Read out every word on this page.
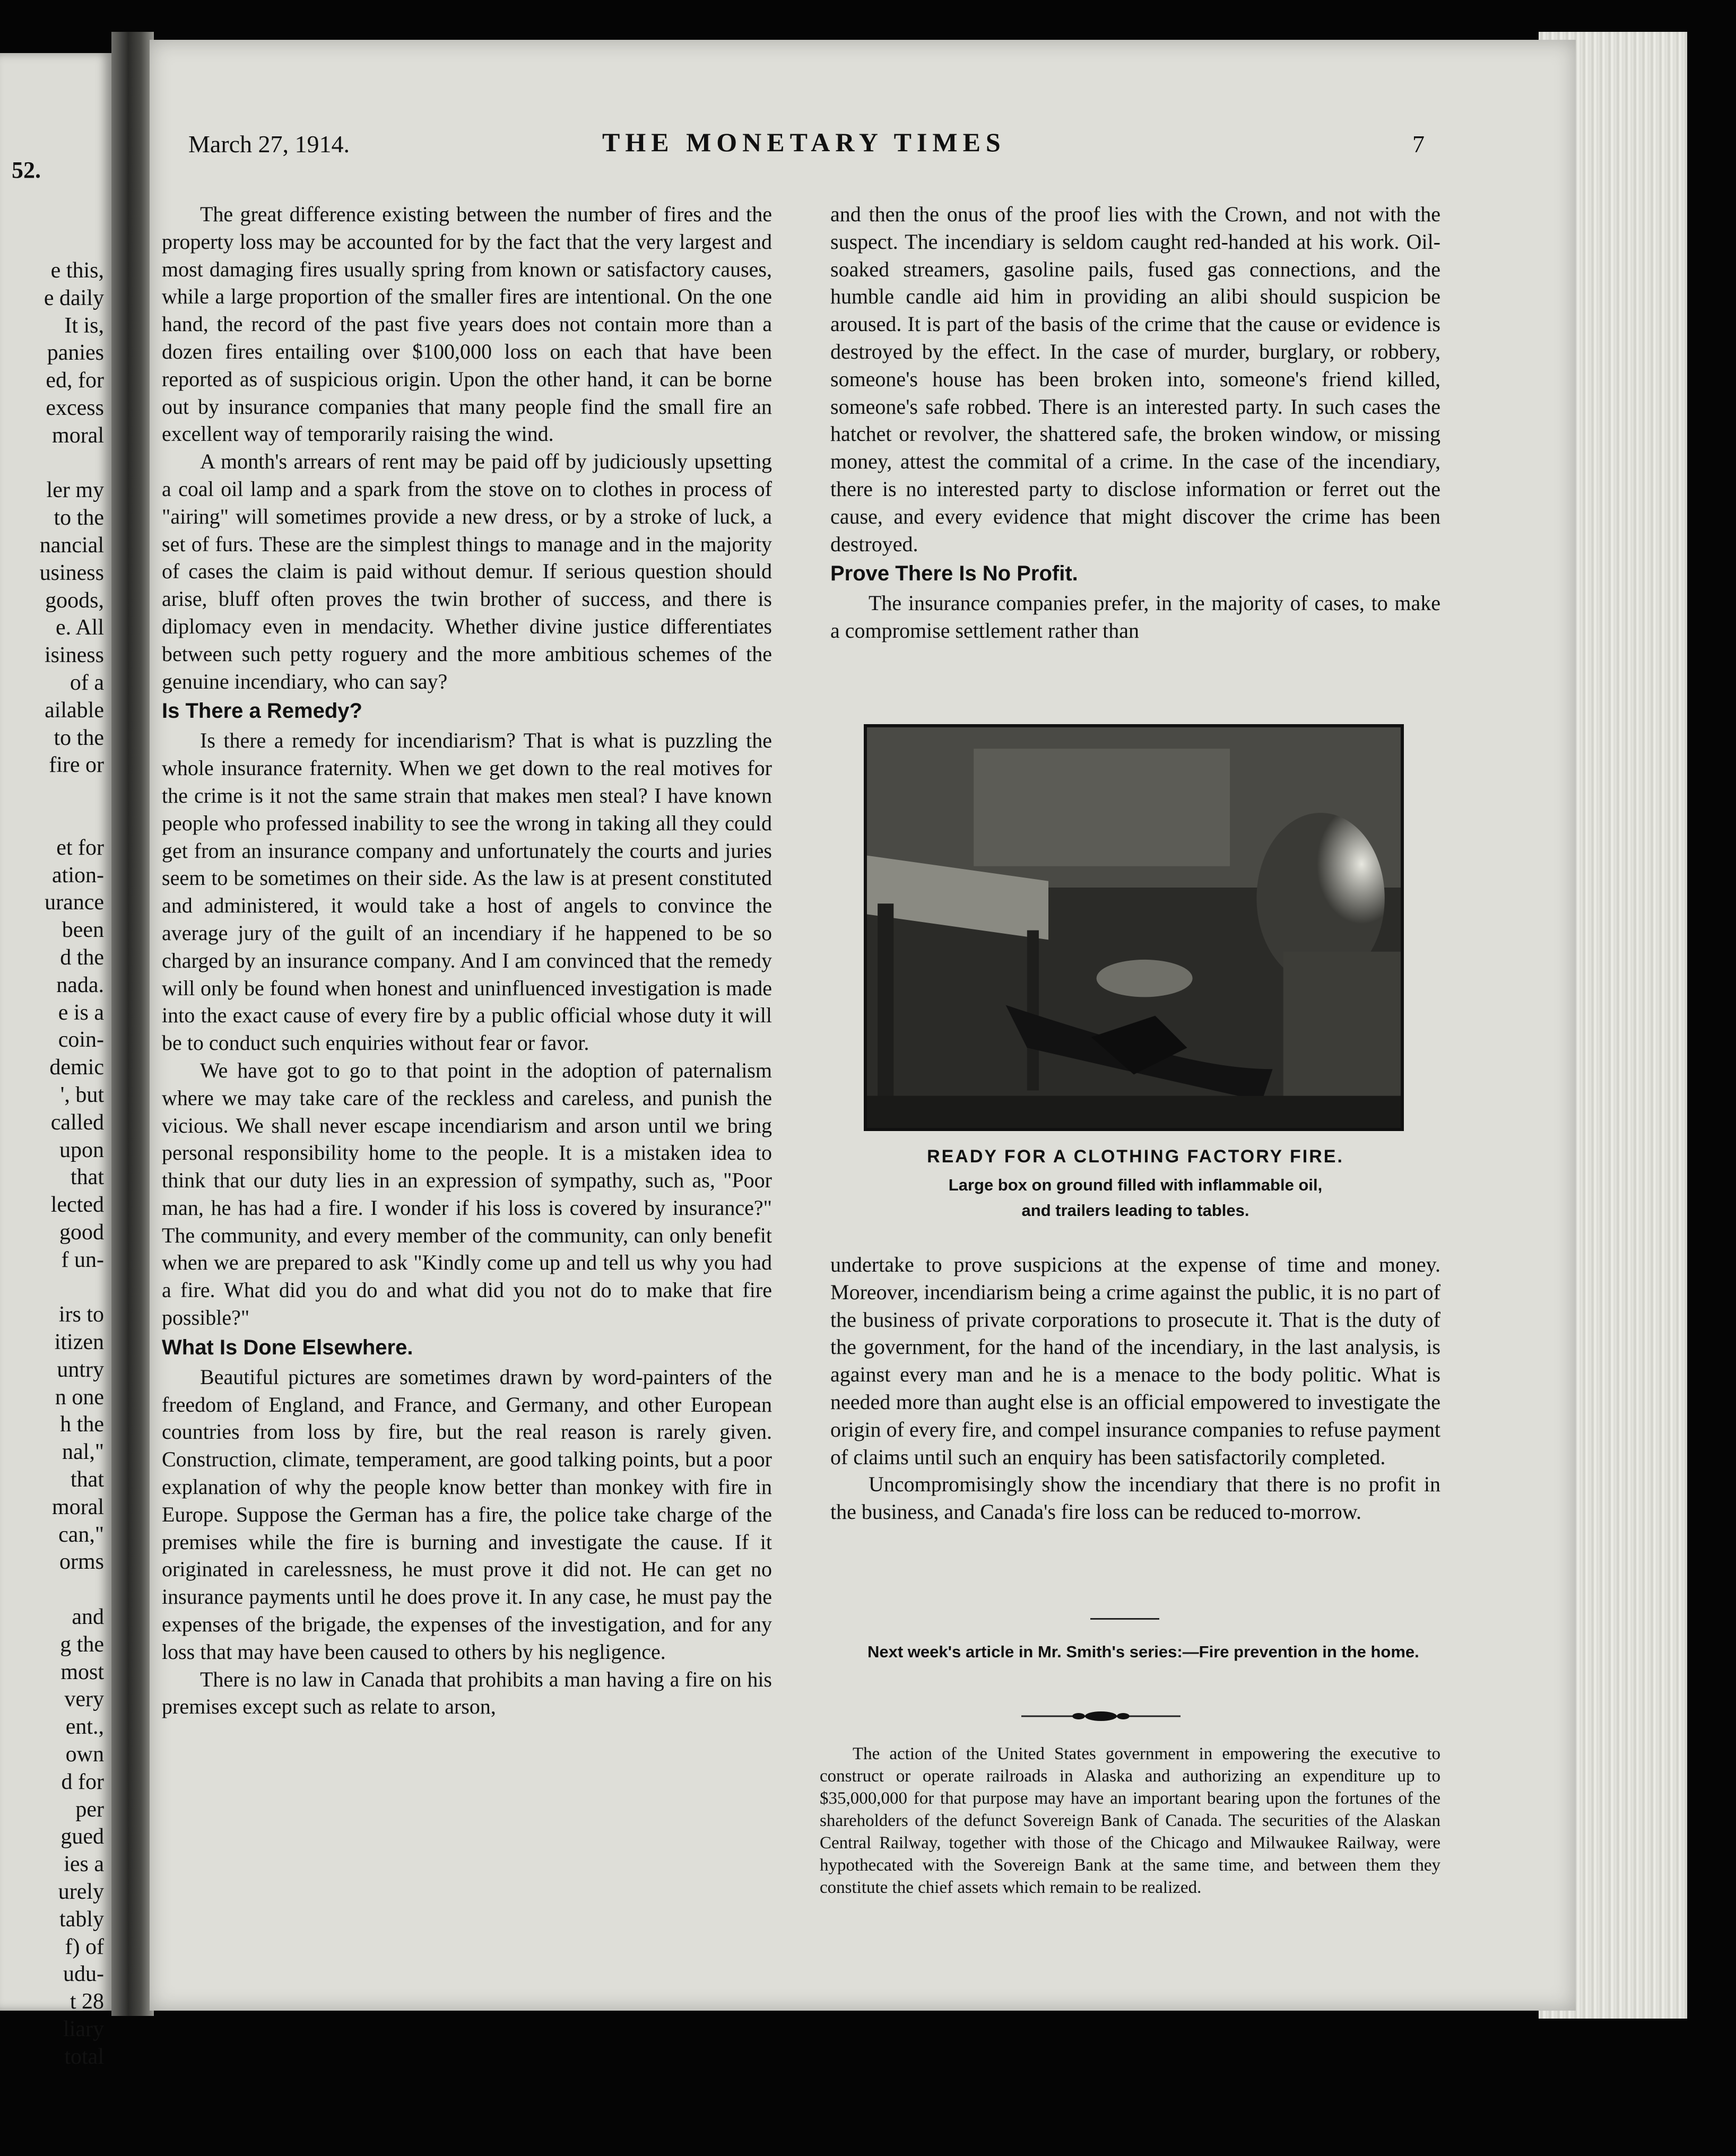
52.
e this,
e daily
It is,
panies
ed, for
excess
moral

ler my
to the
nancial
usiness
goods,
e. All
isiness
of a
ailable
to the
fire or

et for
ation-
urance
been
d the
nada.
e is a
coin-
demic
', but
called
upon
that
lected
good
f un-

irs to
itizen
untry
n one
h the
nal,"
that
moral
can,"
orms

and
g the
most
very
ent.,
own
d for
per
gued
ies a
urely
tably
f) of
udu-
t 28
liary
total
March 27, 1914.	THE MONETARY TIMES	7

The great difference existing between the number of fires and the property loss may be accounted for by the fact that the very largest and most damaging fires usually spring from known or satisfactory causes, while a large proportion of the smaller fires are intentional. On the one hand, the record of the past five years does not contain more than a dozen fires entailing over $100,000 loss on each that have been reported as of suspicious origin. Upon the other hand, it can be borne out by insurance companies that many people find the small fire an excellent way of temporarily raising the wind.

A month's arrears of rent may be paid off by judiciously upsetting a coal oil lamp and a spark from the stove on to clothes in process of "airing" will sometimes provide a new dress, or by a stroke of luck, a set of furs. These are the simplest things to manage and in the majority of cases the claim is paid without demur. If serious question should arise, bluff often proves the twin brother of success, and there is diplomacy even in mendacity. Whether divine justice differentiates between such petty roguery and the more ambitious schemes of the genuine incendiary, who can say?

Is There a Remedy?

Is there a remedy for incendiarism? That is what is puzzling the whole insurance fraternity. When we get down to the real motives for the crime is it not the same strain that makes men steal? I have known people who professed inability to see the wrong in taking all they could get from an insurance company and unfortunately the courts and juries seem to be sometimes on their side. As the law is at present constituted and administered, it would take a host of angels to convince the average jury of the guilt of an incendiary if he happened to be so charged by an insurance company. And I am convinced that the remedy will only be found when honest and uninfluenced investigation is made into the exact cause of every fire by a public official whose duty it will be to conduct such enquiries without fear or favor.

We have got to go to that point in the adoption of paternalism where we may take care of the reckless and careless, and punish the vicious. We shall never escape incendiarism and arson until we bring personal responsibility home to the people. It is a mistaken idea to think that our duty lies in an expression of sympathy, such as, "Poor man, he has had a fire. I wonder if his loss is covered by insurance?" The community, and every member of the community, can only benefit when we are prepared to ask "Kindly come up and tell us why you had a fire. What did you do and what did you not do to make that fire possible?"

What Is Done Elsewhere.

Beautiful pictures are sometimes drawn by word-painters of the freedom of England, and France, and Germany, and other European countries from loss by fire, but the real reason is rarely given. Construction, climate, temperament, are good talking points, but a poor explanation of why the people know better than monkey with fire in Europe. Suppose the German has a fire, the police take charge of the premises while the fire is burning and investigate the cause. If it originated in carelessness, he must prove it did not. He can get no insurance payments until he does prove it. In any case, he must pay the expenses of the brigade, the expenses of the investigation, and for any loss that may have been caused to others by his negligence.

There is no law in Canada that prohibits a man having a fire on his premises except such as relate to arson,

and then the onus of the proof lies with the Crown, and not with the suspect. The incendiary is seldom caught red-handed at his work. Oil-soaked streamers, gasoline pails, fused gas connections, and the humble candle aid him in providing an alibi should suspicion be aroused. It is part of the basis of the crime that the cause or evidence is destroyed by the effect. In the case of murder, burglary, or robbery, someone's house has been broken into, someone's friend killed, someone's safe robbed. There is an interested party. In such cases the hatchet or revolver, the shattered safe, the broken window, or missing money, attest the commital of a crime. In the case of the incendiary, there is no interested party to disclose information or ferret out the cause, and every evidence that might discover the crime has been destroyed.

Prove There Is No Profit.

The insurance companies prefer, in the majority of cases, to make a compromise settlement rather than

READY FOR A CLOTHING FACTORY FIRE.
Large box on ground filled with inflammable oil,
and trailers leading to tables.

undertake to prove suspicions at the expense of time and money. Moreover, incendiarism being a crime against the public, it is no part of the business of private corporations to prosecute it. That is the duty of the government, for the hand of the incendiary, in the last analysis, is against every man and he is a menace to the body politic. What is needed more than aught else is an official empowered to investigate the origin of every fire, and compel insurance companies to refuse payment of claims until such an enquiry has been satisfactorily completed.

Uncompromisingly show the incendiary that there is no profit in the business, and Canada's fire loss can be reduced to-morrow.

Next week's article in Mr. Smith's series:—Fire prevention in the home.

The action of the United States government in empowering the executive to construct or operate railroads in Alaska and authorizing an expenditure up to $35,000,000 for that purpose may have an important bearing upon the fortunes of the shareholders of the defunct Sovereign Bank of Canada. The securities of the Alaskan Central Railway, together with those of the Chicago and Milwaukee Railway, were hypothecated with the Sovereign Bank at the same time, and between them they constitute the chief assets which remain to be realized.
